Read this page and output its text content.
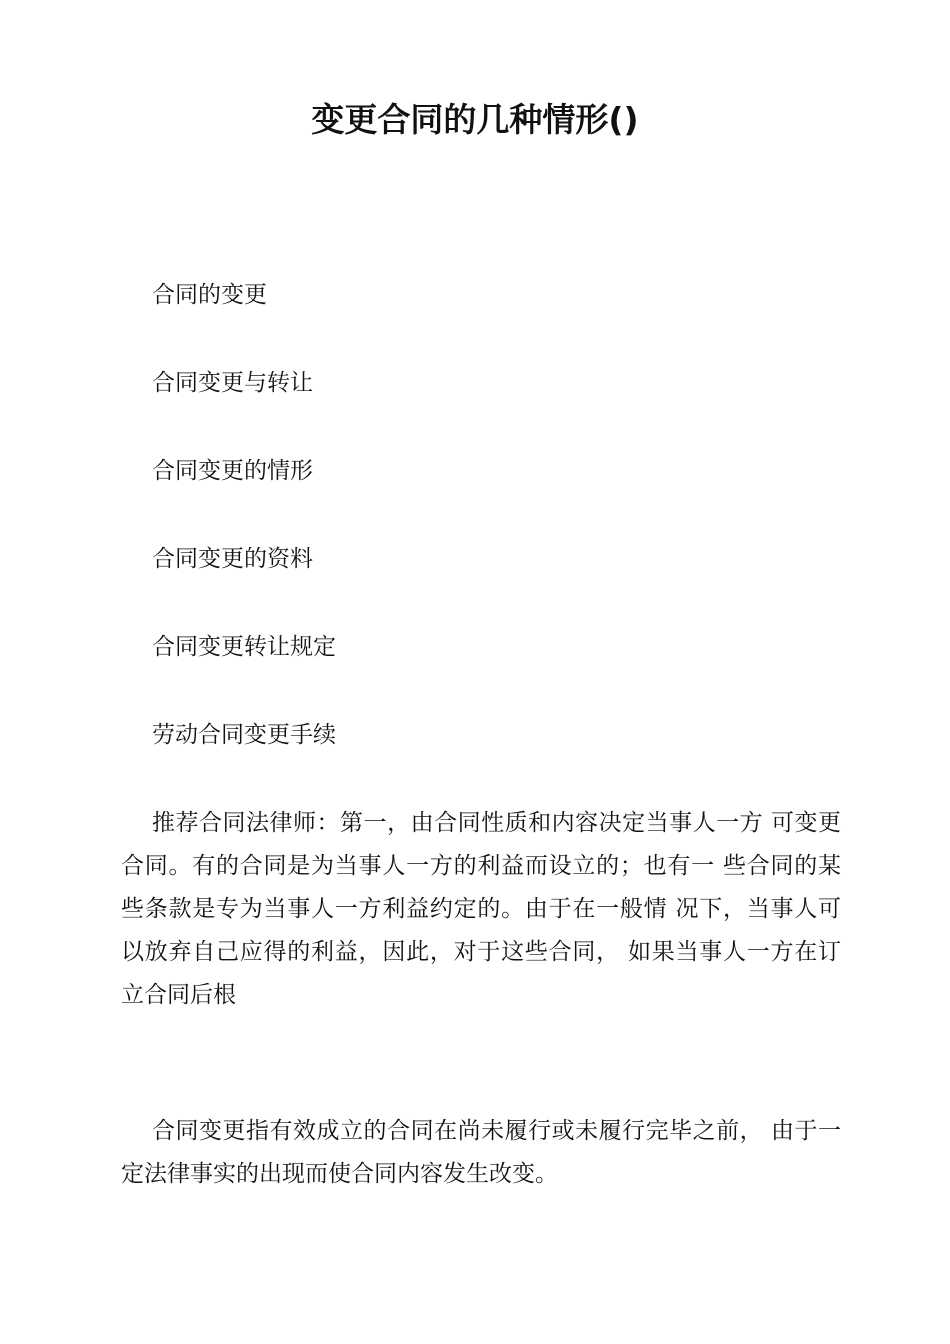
变更合同的几种情形()

合同的变更

合同变更与转让

合同变更的情形

合同变更的资料

合同变更转让规定

劳动合同变更手续

推荐合同法律师：第一，由合同性质和内容决定当事人一方 可变更合同。有的合同是为当事人一方的利益而设立的；也有一 些合同的某些条款是专为当事人一方利益约定的。由于在一般情 况下，当事人可以放弃自己应得的利益，因此，对于这些合同， 如果当事人一方在订立合同后根

合同变更指有效成立的合同在尚未履行或未履行完毕之前， 由于一定法律事实的出现而使合同内容发生改变。
